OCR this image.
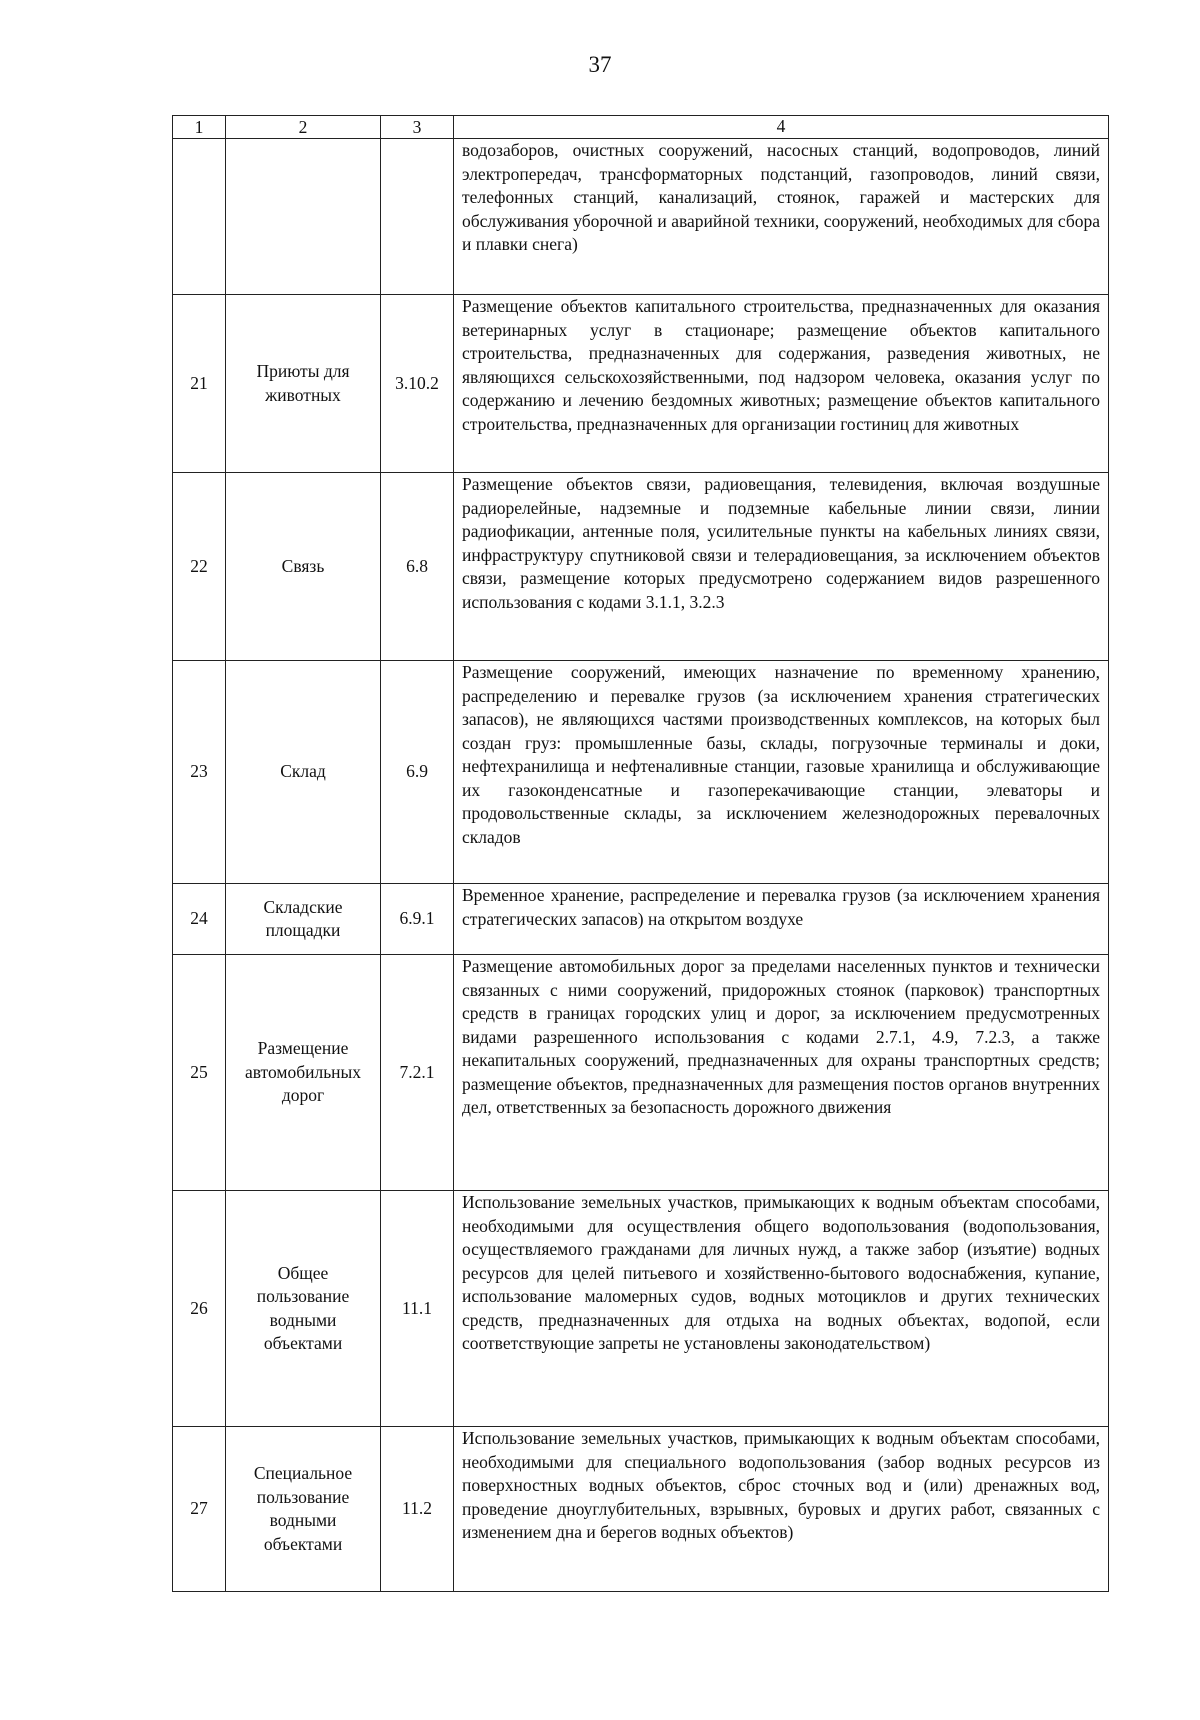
37
1	2	3	4
			водозаборов, очистных сооружений, насосных станций, водопроводов, линий электропередач, трансформаторных подстанций, газопроводов, линий связи, телефонных станций, канализаций, стоянок, гаражей и мастерских для обслуживания уборочной и аварийной техники, сооружений, необходимых для сбора и плавки снега)
21	Приюты для животных	3.10.2	Размещение объектов капитального строительства, предназначенных для оказания ветеринарных услуг в стационаре; размещение объектов капитального строительства, предназначенных для содержания, разведения животных, не являющихся сельскохозяйственными, под надзором человека, оказания услуг по содержанию и лечению бездомных животных; размещение объектов капитального строительства, предназначенных для организации гостиниц для животных
22	Связь	6.8	Размещение объектов связи, радиовещания, телевидения, включая воздушные радиорелейные, надземные и подземные кабельные линии связи, линии радиофикации, антенные поля, усилительные пункты на кабельных линиях связи, инфраструктуру спутниковой связи и телерадиовещания, за исключением объектов связи, размещение которых предусмотрено содержанием видов разрешенного использования с кодами 3.1.1, 3.2.3
23	Склад	6.9	Размещение сооружений, имеющих назначение по временному хранению, распределению и перевалке грузов (за исключением хранения стратегических запасов), не являющихся частями производственных комплексов, на которых был создан груз: промышленные базы, склады, погрузочные терминалы и доки, нефтехранилища и нефтеналивные станции, газовые хранилища и обслуживающие их газоконденсатные и газоперекачивающие станции, элеваторы и продовольственные склады, за исключением железнодорожных перевалочных складов
24	Складские площадки	6.9.1	Временное хранение, распределение и перевалка грузов (за исключением хранения стратегических запасов) на открытом воздухе
25	Размещение автомобильных дорог	7.2.1	Размещение автомобильных дорог за пределами населенных пунктов и технически связанных с ними сооружений, придорожных стоянок (парковок) транспортных средств в границах городских улиц и дорог, за исключением предусмотренных видами разрешенного использования с кодами 2.7.1, 4.9, 7.2.3, а также некапитальных сооружений, предназначенных для охраны транспортных средств; размещение объектов, предназначенных для размещения постов органов внутренних дел, ответственных за безопасность дорожного движения
26	Общее пользование водными объектами	11.1	Использование земельных участков, примыкающих к водным объектам способами, необходимыми для осуществления общего водопользования (водопользования, осуществляемого гражданами для личных нужд, а также забор (изъятие) водных ресурсов для целей питьевого и хозяйственно-бытового водоснабжения, купание, использование маломерных судов, водных мотоциклов и других технических средств, предназначенных для отдыха на водных объектах, водопой, если соответствующие запреты не установлены законодательством)
27	Специальное пользование водными объектами	11.2	Использование земельных участков, примыкающих к водным объектам способами, необходимыми для специального водопользования (забор водных ресурсов из поверхностных водных объектов, сброс сточных вод и (или) дренажных вод, проведение дноуглубительных, взрывных, буровых и других работ, связанных с изменением дна и берегов водных объектов)
